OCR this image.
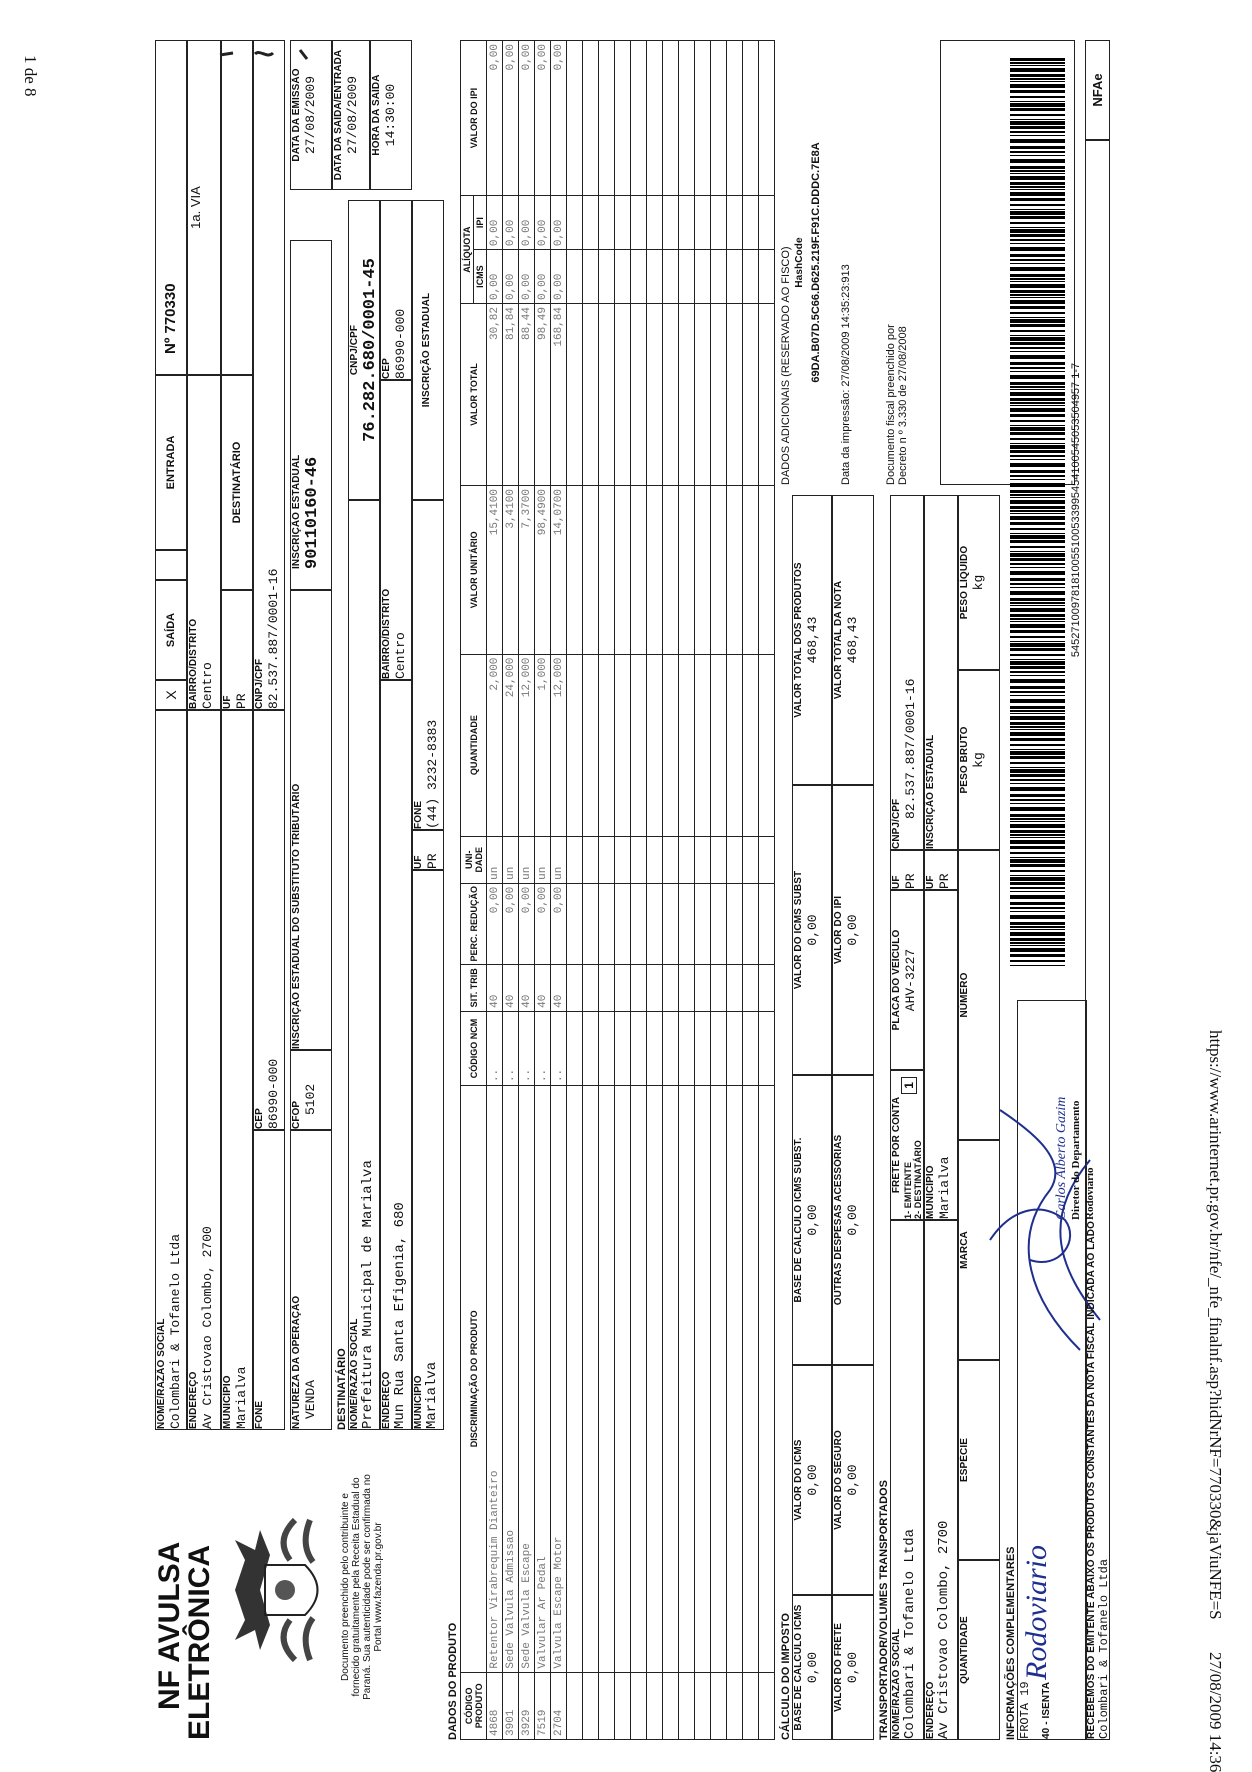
1 de 8
https://www.arinternet.pr.gov.br/nfe/_nfe_finalnf.asp?hidNrNF=770330&jaViuNFE=S
27/08/2009 14:36
NF AVULSA
ELETRÔNICA	Documento preenchido pelo contribuinte e fornecido gratuitamente pela Receita Estadual do Paraná. Sua autenticidade pode ser confirmada no Portal www.fazenda.pr.gov.br
NOME/RAZÃO SOCIAL Colombari & Tofanelo Ltda
X
SAÍDA
ENTRADA
Nº 770330
ENDEREÇO Av Cristovao Colombo, 2700
BAIRRO/DISTRITO Centro
1a. VIA
MUNICÍPIO Marialva
UF PR
DESTINATÁRIO
FONE
CEP 86990-000
CNPJ/CPF 82.537.887/0001-16
NATUREZA DA OPERAÇÃO VENDA
CFOP 5102
INSCRIÇÃO ESTADUAL DO SUBSTITUTO TRIBUTÁRIO
INSCRIÇÃO ESTADUAL 90110160-46
DATA DA EMISSÃO 27/08/2009
DESTINATÁRIO NOME/RAZÃO SOCIAL Prefeitura Municipal de Marialva
CNPJ/CPF 76.282.680/0001-45
DATA DA SAÍDA/ENTRADA 27/08/2009
ENDEREÇO Mun Rua Santa Efigenia, 680
BAIRRO/DISTRITO Centro
CEP 86990-000
HORA DA SAÍDA 14:30:00
MUNICÍPIO Marialva
UF PR
FONE (44) 3232-8383
INSCRIÇÃO ESTADUAL
DADOS DO PRODUTO CÓDIGO PRODUTO	DISCRIMINAÇÃO DO PRODUTO	CÓDIGO NCM	SIT. TRIB	PERC. REDUÇÃO	UNI-DADE	QUANTIDADE	VALOR UNITÁRIO	VALOR TOTAL	ALÍQUOTA		VALOR DO IPI
									ICMS	IPI	
4868	Retentor Virabrequim Dianteiro	..	40	0,00	un	2,000	15,4100	30,82	0,00	0,00	0,00
3901	Sede Valvula Admissao	..	40	0,00	un	24,000	3,4100	81,84	0,00	0,00	0,00
3929	Sede Valvula Escape	..	40	0,00	un	12,000	7,3700	88,44	0,00	0,00	0,00
7519	Valvular Ar Pedal	..	40	0,00	un	1,000	98,4900	98,49	0,00	0,00	0,00
2704	Valvula Escape Motor	..	40	0,00	un	12,000	14,0700	168,84	0,00	0,00	0,00

CÁLCULO DO IMPOSTO BASE DE CÁLCULO ICMS 0,00
VALOR DO ICMS 0,00
BASE DE CÁLCULO ICMS SUBST. 0,00
VALOR DO ICMS SUBST 0,00
VALOR TOTAL DOS PRODUTOS 468,43
VALOR DO FRETE 0,00
VALOR DO SEGURO 0,00
OUTRAS DESPESAS ACESSÓRIAS 0,00
VALOR DO IPI 0,00
VALOR TOTAL DA NOTA 468,43
DADOS ADICIONAIS (RESERVADO AO FISCO) HashCode 69DA.B07D.5C66.D625.219F.F91C.DDDC.7E8A Data da impressão: 27/08/2009 14:35:23:913	Documento fiscal preenchido por Decreto n º 3.330 de 27/08/2008
TRANSPORTADOR/VOLUMES TRANSPORTADOS NOME/RAZÃO SOCIAL Colombari & Tofanelo Ltda
FRETE POR CONTA 1- EMITENTE 2- DESTINATÁRIO
1
PLACA DO VEÍCULO AHV-3227
UF PR
CNPJ/CPF
82.537.887/0001-16
ENDEREÇO Av Cristovao Colombo, 2700
MUNICÍPIO Marialva
UF PR
INSCRIÇÃO ESTADUAL
QUANTIDADE
ESPÉCIE
MARCA
NÚMERO
PESO BRUTO kg
PESO LÍQUIDO kg
INFORMAÇÕES COMPLEMENTARES FROTA 19 40 - ISENTA
Rodoviario
Carlos Alberto Gazim Diretor do Departamento Rodoviário
545271009781810055100533995454100545053504957 1-7
RECEBEMOS DO EMITENTE ABAIXO OS PRODUTOS CONSTANTES DA NOTA FISCAL INDICADA AO LADO Colombari & Tofanelo Ltda
NFAe
